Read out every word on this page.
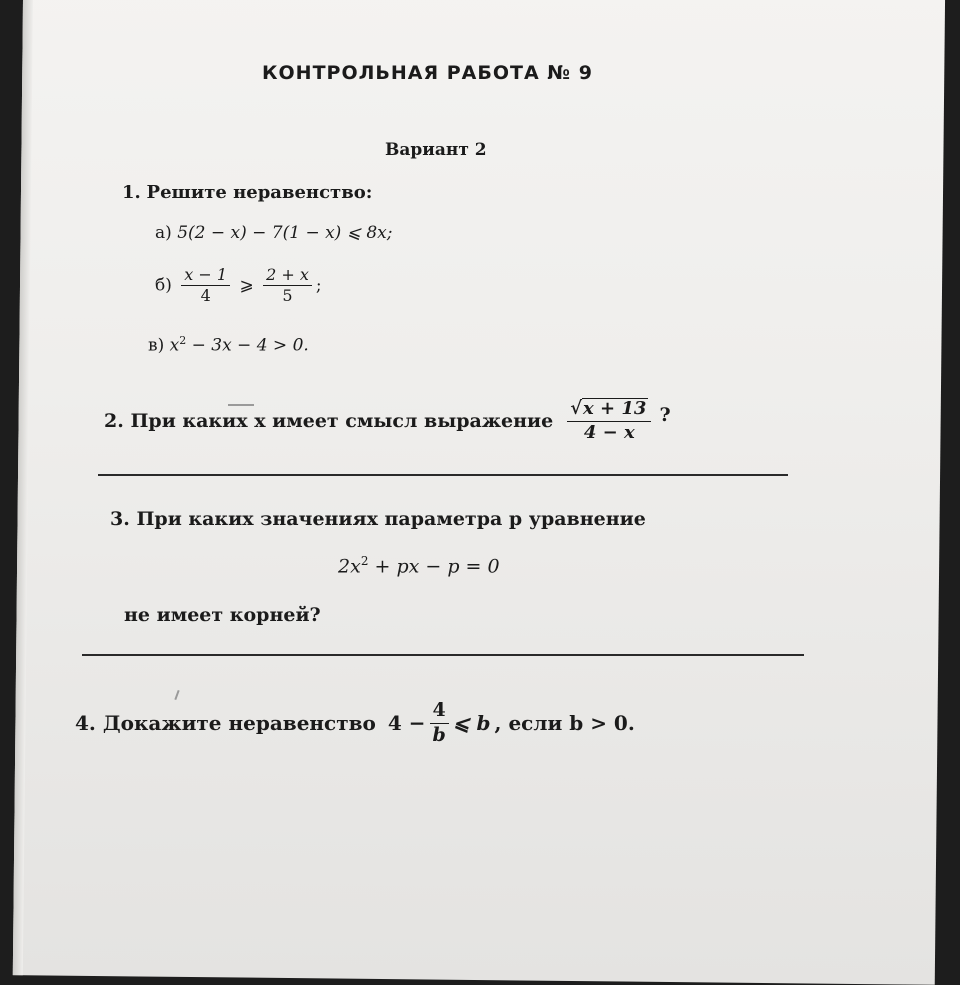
КОНТРОЛЬНАЯ РАБОТА № 9
Вариант 2
1. Решите неравенство:
а) 5(2 − x) − 7(1 − x) ⩽ 8x;
$б) \frac{x - 1}{4}$ ⩾ $\frac{2 + x}{5}$ ;
в) $x^2 - 3x - 4 > 0$.
2.
При каких x имеет смысл выражение $\frac{√x + 13}{4 - x}$ ?
3. При каких значениях параметра p уравнение
$2x^2$ + px − p = 0
не имеет корней?
4.
Докажите неравенство $4 - \frac{4}{b}$ ⩽ b , если b > 0.
